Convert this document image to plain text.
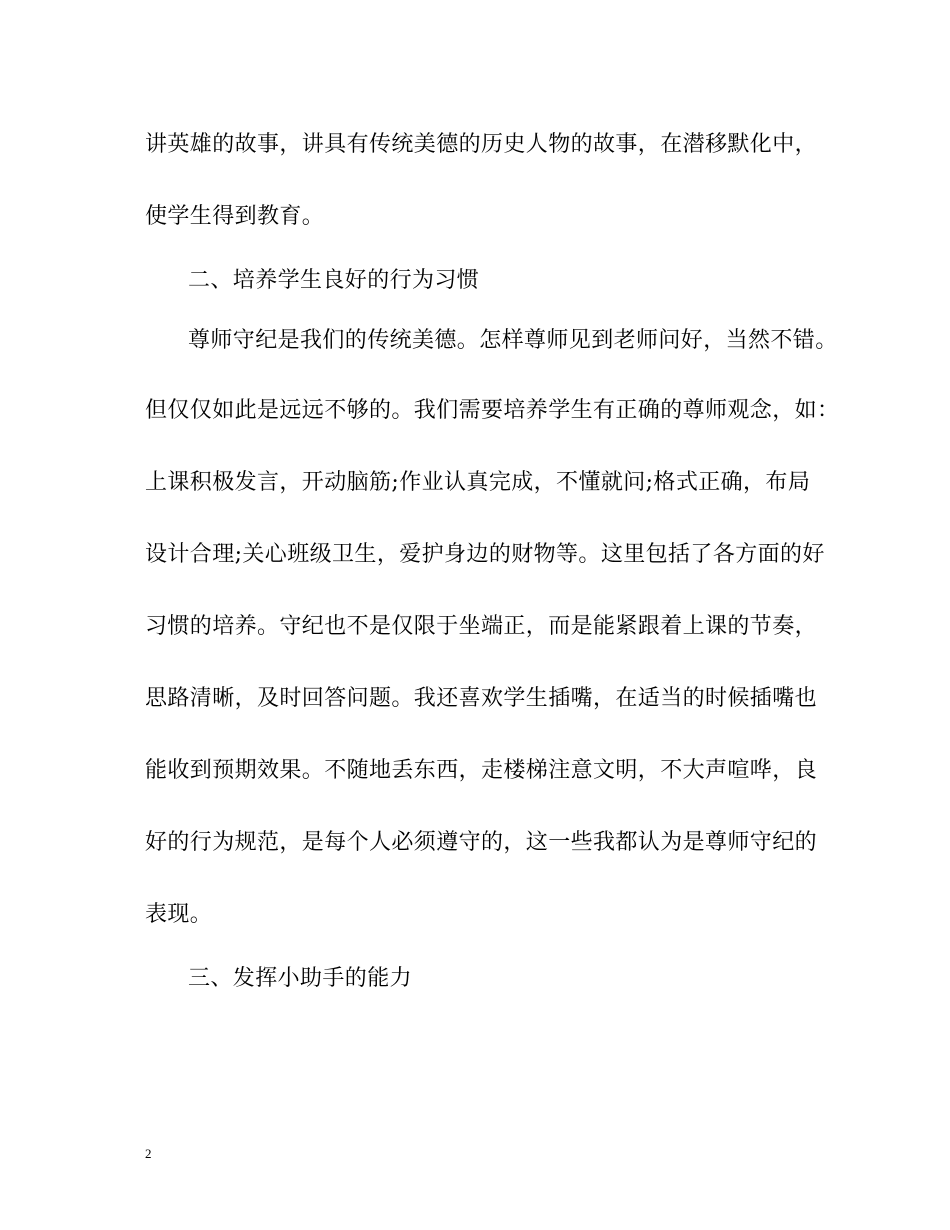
讲英雄的故事，讲具有传统美德的历史人物的故事，在潜移默化中，
使学生得到教育。
二、培养学生良好的行为习惯
尊师守纪是我们的传统美德。怎样尊师见到老师问好，当然不错。
但仅仅如此是远远不够的。我们需要培养学生有正确的尊师观念，如：
上课积极发言，开动脑筋;作业认真完成，不懂就问;格式正确，布局
设计合理;关心班级卫生，爱护身边的财物等。这里包括了各方面的好
习惯的培养。守纪也不是仅限于坐端正，而是能紧跟着上课的节奏，
思路清晰，及时回答问题。我还喜欢学生插嘴，在适当的时候插嘴也
能收到预期效果。不随地丢东西，走楼梯注意文明，不大声喧哗，良
好的行为规范，是每个人必须遵守的，这一些我都认为是尊师守纪的
表现。
三、发挥小助手的能力
2
